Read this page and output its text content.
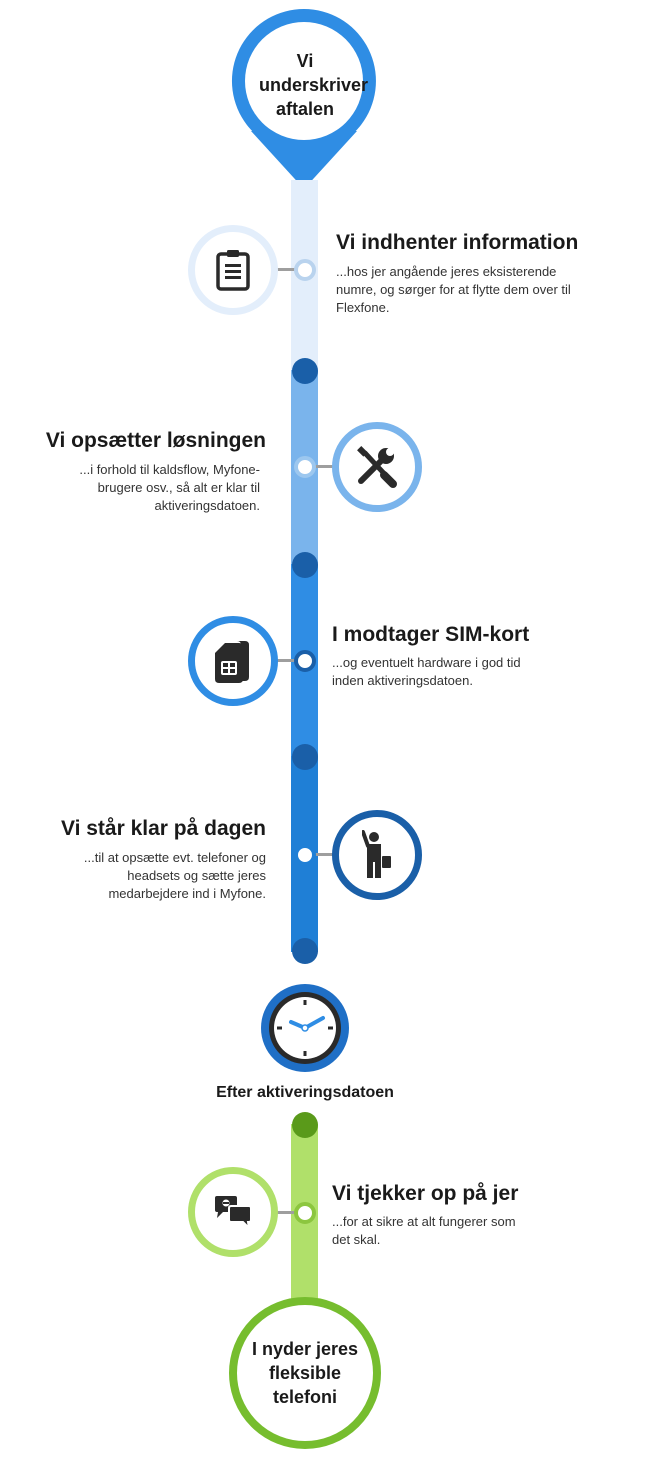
Vi underskriver aftalen
Vi indhenter information
...hos jer angående jeres eksisterende numre, og sørger for at flytte dem over til Flexfone.
Vi opsætter løsningen
...i forhold til kaldsflow, Myfone-brugere osv., så alt er klar til aktiveringsdatoen.
I modtager SIM-kort
...og eventuelt hardware i god tid inden aktiveringsdatoen.
Vi står klar på dagen
...til at opsætte evt. telefoner og headsets og sætte jeres medarbejdere ind i Myfone.
Efter aktiveringsdatoen
Vi tjekker op på jer
...for at sikre at alt fungerer som det skal.
I nyder jeres fleksible telefoni
